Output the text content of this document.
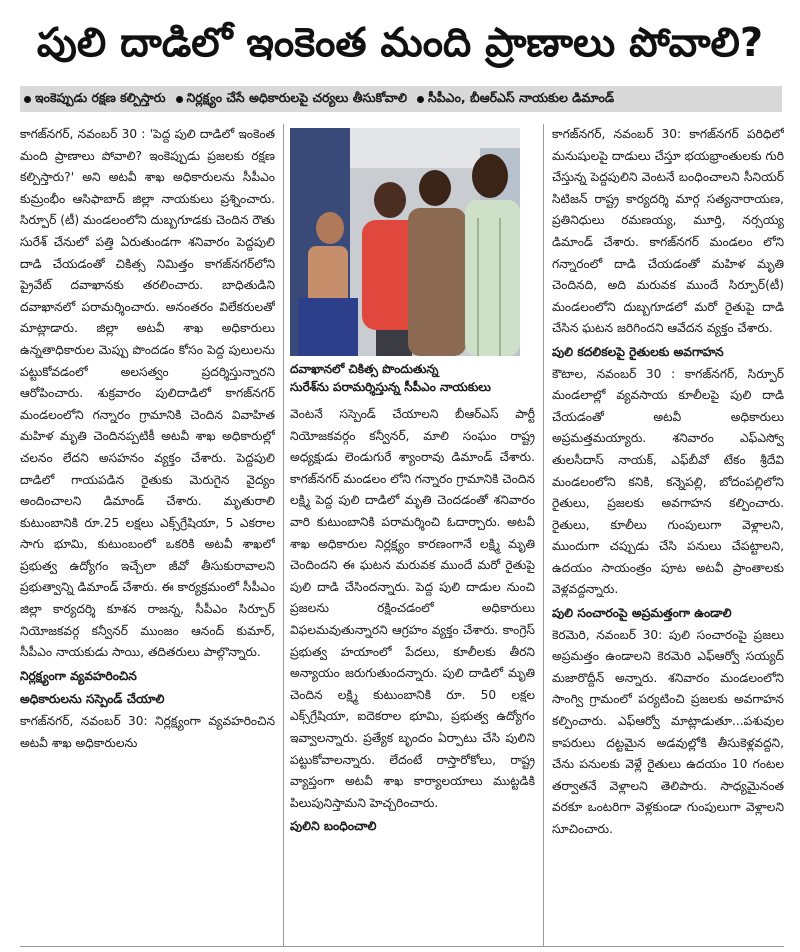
పులి దాడిలో ఇంకెంత మంది ప్రాణాలు పోవాలి?
ఇంకెప్పుడు రక్షణ కల్పిస్తారు నిర్లక్ష్యం చేసే అధికారులపై చర్యలు తీసుకోవాలి సీపీఎం, బీఆర్ఎస్ నాయకుల డిమాండ్

కాగజ్‌నగర్, నవంబర్ 30 : 'పెద్ద పులి దాడిలో ఇంకెంత మంది ప్రాణాలు పోవాలి? ఇంకెప్పుడు ప్రజలకు రక్షణ కల్పిస్తారు?' అని అటవీ శాఖ అధికారులను సీపీఎం కుమ్రంభీం ఆసిఫాబాద్ జిల్లా నాయకులు ప్రశ్నించారు. సిర్పూర్ (టీ) మండలంలోని దుబ్బగూడకు చెందిన రౌతు సురేశ్ చేనులో పత్తి ఏరుతుండగా శనివారం పెద్దపులి దాడి చేయడంతో చికిత్స నిమిత్తం కాగజ్‌నగర్‌లోని ప్రైవేట్ దవాఖానకు తరలించారు. బాధితుడిని దవాఖానలో పరామర్శించారు. అనంతరం విలేకరులతో మాట్లాడారు. జిల్లా అటవీ శాఖ అధికారులు ఉన్నతాధికారుల మెప్పు పొందడం కోసం పెద్ద పులులను పట్టుకోవడంలో అలసత్వం ప్రదర్శిస్తున్నారని ఆరోపించారు. శుక్రవారం పులిదాడిలో కాగజ్‌నగర్ మండలంలోని గన్నారం గ్రామానికి చెందిన వివాహిత మహిళ మృతి చెందినప్పటికీ అటవీ శాఖ అధికారుల్లో చలనం లేదని అసహనం వ్యక్తం చేశారు. పెద్దపులి దాడిలో గాయపడిన రైతుకు మెరుగైన వైద్యం అందించాలని డిమాండ్ చేశారు. మృతురాలి కుటుంబానికి రూ.25 లక్షలు ఎక్స్‌గ్రేషియా, 5 ఎకరాల సాగు భూమి, కుటుంబంలో ఒకరికి అటవీ శాఖలో ప్రభుత్వ ఉద్యోగం ఇచ్చేలా జీవో తీసుకురావాలని ప్రభుత్వాన్ని డిమాండ్ చేశారు. ఈ కార్యక్రమంలో సీపీఎం జిల్లా కార్యదర్శి కూశన రాజన్న, సీపీఎం సిర్పూర్ నియోజకవర్గ కన్వీనర్ ముంజం ఆనంద్ కుమార్, సీపీఎం నాయకుడు సాయి, తదితరులు పాల్గొన్నారు.

నిర్లక్ష్యంగా వ్యవహరించిన

అధికారులను సస్పెండ్ చేయాలి

కాగజ్‌నగర్, నవంబర్ 30: నిర్లక్ష్యంగా వ్యవహరించిన అటవీ శాఖ అధికారులను

దవాఖానలో చికిత్స పొందుతున్న
సురేశ్‌ను పరామర్శిస్తున్న సీపీఎం నాయకులు

వెంటనే సస్పెండ్ చేయాలని బీఆర్ఎస్ పార్టీ నియోజకవర్గం కన్వీనర్, మాలి సంఘం రాష్ట్ర అధ్యక్షుడు లెండుగురే శ్యాంరావు డిమాండ్ చేశారు. కాగజ్‌నగర్ మండలం లోని గన్నారం గ్రామానికి చెందిన లక్ష్మి పెద్ద పులి దాడిలో మృతి చెందడంతో శనివారం వారి కుటుంబానికి పరామర్శించి ఓదార్చారు. అటవీ శాఖ అధికారుల నిర్లక్ష్యం కారణంగానే లక్ష్మి మృతి చెందిందని ఈ ఘటన మరువక ముందే మరో రైతుపై పులి దాడి చేసిందన్నారు. పెద్ద పులి దాడుల నుంచి ప్రజలను రక్షించడంలో అధికారులు విఫలమవుతున్నారని ఆగ్రహం వ్యక్తం చేశారు. కాంగ్రెస్ ప్రభుత్వ హయాంలో పేదలు, కూలీలకు తీరని అన్యాయం జరుగుతుందన్నారు. పులి దాడిలో మృతి చెందిన లక్ష్మి కుటుంబానికి రూ. 50 లక్షల ఎక్స్‌గ్రేషియా, ఐదెకరాల భూమి, ప్రభుత్వ ఉద్యోగం ఇవ్వాలన్నారు. ప్రత్యేక బృందం ఏర్పాటు చేసి పులిని పట్టుకోవాలన్నారు. లేదంటే రాస్తారోకోలు, రాష్ట్ర వ్యాప్తంగా అటవీ శాఖ కార్యాలయాలు ముట్టడికి పిలుపునిస్తామని హెచ్చరించారు.

పులిని బంధించాలి

కాగజ్‌నగర్, నవంబర్ 30: కాగజ్‌నగర్ పరిధిలో మనుషులపై దాడులు చేస్తూ భయభ్రాంతులకు గురి చేస్తున్న పెద్దపులిని వెంటనే బంధించాలని సీనియర్ సిటిజన్ రాష్ట్ర కార్యదర్శి మార్గ సత్యనారాయణ, ప్రతినిధులు రమణయ్య, మూర్తి, నర్సయ్య డిమాండ్ చేశారు. కాగజ్‌నగర్ మండలం లోని గన్నారంలో దాడి చేయడంతో మహిళ మృతి చెందినది, అది మరువక ముందే సిర్పూర్(టీ) మండలంలోని దుబ్బగూడలో మరో రైతుపై దాడి చేసిన ఘటన జరిగిందని ఆవేదన వ్యక్తం చేశారు.

పులి కదలికలపై రైతులకు అవగాహన

కౌటాల, నవంబర్ 30 : కాగజ్‌నగర్, సిర్పూర్ మండలాల్లో వ్యవసాయ కూలీలపై పులి దాడి చేయడంతో అటవీ అధికారులు అప్రమత్తమయ్యారు. శనివారం ఎఫ్ఎస్వో తులసీదాస్ నాయక్, ఎఫ్‌బీవో టేకం శ్రీదేవి మండలంలోని కనికి, కన్నెపల్లి, బోదంపల్లిలోని రైతులు, ప్రజలకు అవగాహన కల్పించారు. రైతులు, కూలీలు గుంపులుగా వెళ్లాలని, ముందుగా చప్పుడు చేసి పనులు చేపట్టాలని, ఉదయం సాయంత్రం పూట అటవీ ప్రాంతాలకు వెళ్లవద్దన్నారు.

పులి సంచారంపై అప్రమత్తంగా ఉండాలి

కెరమెరి, నవంబర్ 30: పులి సంచారంపై ప్రజలు అప్రమత్తం ఉండాలని కెరమెరి ఎఫ్ఆర్వో సయ్యద్ మజారొద్దీన్ అన్నారు. శనివారం మండలంలోని సాంగ్వి గ్రామంలో పర్యటించి ప్రజలకు అవగాహన కల్పించారు. ఎఫ్ఆర్వో మాట్లాడుతూ...పశువుల కాపరులు దట్టమైన అడవుల్లోకి తీసుకెళ్లవద్దని, చేను పనులకు వెళ్లే రైతులు ఉదయం 10 గంటల తర్వాతనే వెళ్లాలని తెలిపారు. సాధ్యమైనంత వరకూ ఒంటరిగా వెళ్లకుండా గుంపులుగా వెళ్లాలని సూచించారు.
